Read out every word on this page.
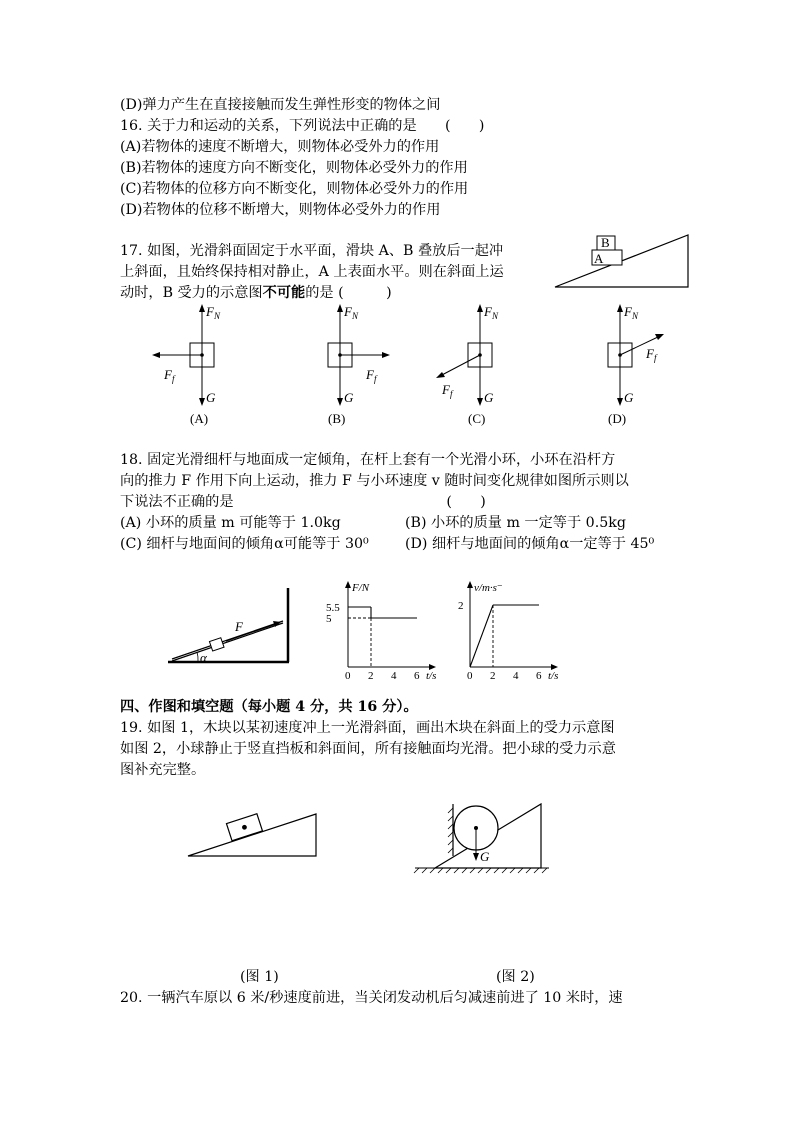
(D)弹力产生在直接接触而发生弹性形变的物体之间
16. 关于力和运动的关系，下列说法中正确的是　　(　　)
(A)若物体的速度不断增大，则物体必受外力的作用
(B)若物体的速度方向不断变化，则物体必受外力的作用
(C)若物体的位移方向不断变化，则物体必受外力的作用
(D)若物体的位移不断增大，则物体必受外力的作用
17. 如图，光滑斜面固定于水平面，滑块 A、B 叠放后一起冲
上斜面，且始终保持相对静止，A 上表面水平。则在斜面上运
动时，B 受力的示意图不可能的是 (　　　)
B
A
$F_N$
G
$F_f$
(A)
$F_N$
G
$F_f$
(B)
$F_N$
G
$F_f$
(C)
$F_N$
G
$F_f$
(D)
18. 固定光滑细杆与地面成一定倾角，在杆上套有一个光滑小环，小环在沿杆方
向的推力 F 作用下向上运动，推力 F 与小环速度 v 随时间变化规律如图所示则以
下说法不正确的是　　　　　　　　　　　　　　　(　　)
(A) 小环的质量 m 可能等于 1.0kg	(B) 小环的质量 m 一定等于 0.5kg
(C) 细杆与地面间的倾角α可能等于 30⁰	(D) 细杆与地面间的倾角α一定等于 45⁰
F
α
F/N
t/s
0 2 4 6
5
5.5
v/m·s⁻
t/s
0 2 4 6
2
四、作图和填空题（每小题 4 分，共 16 分）。
19. 如图 1，木块以某初速度冲上一光滑斜面，画出木块在斜面上的受力示意图
如图 2，小球静止于竖直挡板和斜面间，所有接触面均光滑。把小球的受力示意
图补充完整。
G
(图 1)	(图 2)
20. 一辆汽车原以 6 米/秒速度前进，当关闭发动机后匀减速前进了 10 米时，速
